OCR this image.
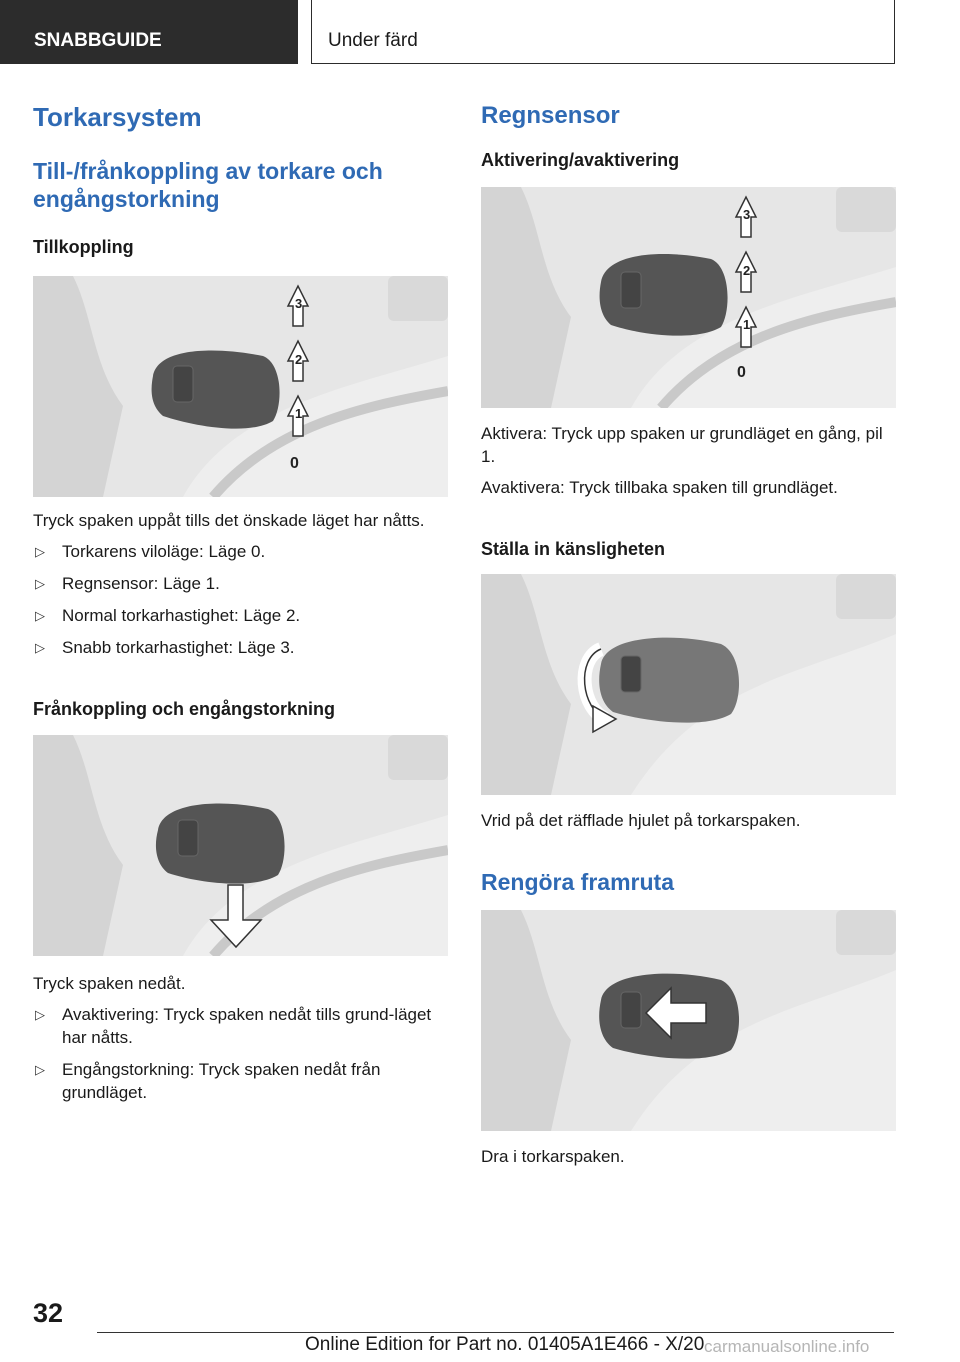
SNABBGUIDE	Under färd
Torkarsystem
Till-/frånkoppling av torkare och engångstorkning
Tillkoppling
0
1
2
3

Tryck spaken uppåt tills det önskade läget har nåtts.

▷ Torkarens viloläge: Läge 0.
▷ Regnsensor: Läge 1.
▷ Normal torkarhastighet: Läge 2.
▷ Snabb torkarhastighet: Läge 3.
Frånkoppling och engångstorkning

Tryck spaken nedåt.

▷ Avaktivering: Tryck spaken nedåt tills grund‐läget har nåtts.
▷ Engångstorkning: Tryck spaken nedåt från grundläget.
Regnsensor
Aktivering/avaktivering
0
1
2
3

Aktivera: Tryck upp spaken ur grundläget en gång, pil 1.

Avaktivera: Tryck tillbaka spaken till grundläget.

Ställa in känsligheten

Vrid på det räfflade hjulet på torkarspaken.

Rengöra framruta

Dra i torkarspaken.

32
Online Edition for Part no. 01405A1E466 - X/20 carmanualsonline.info
